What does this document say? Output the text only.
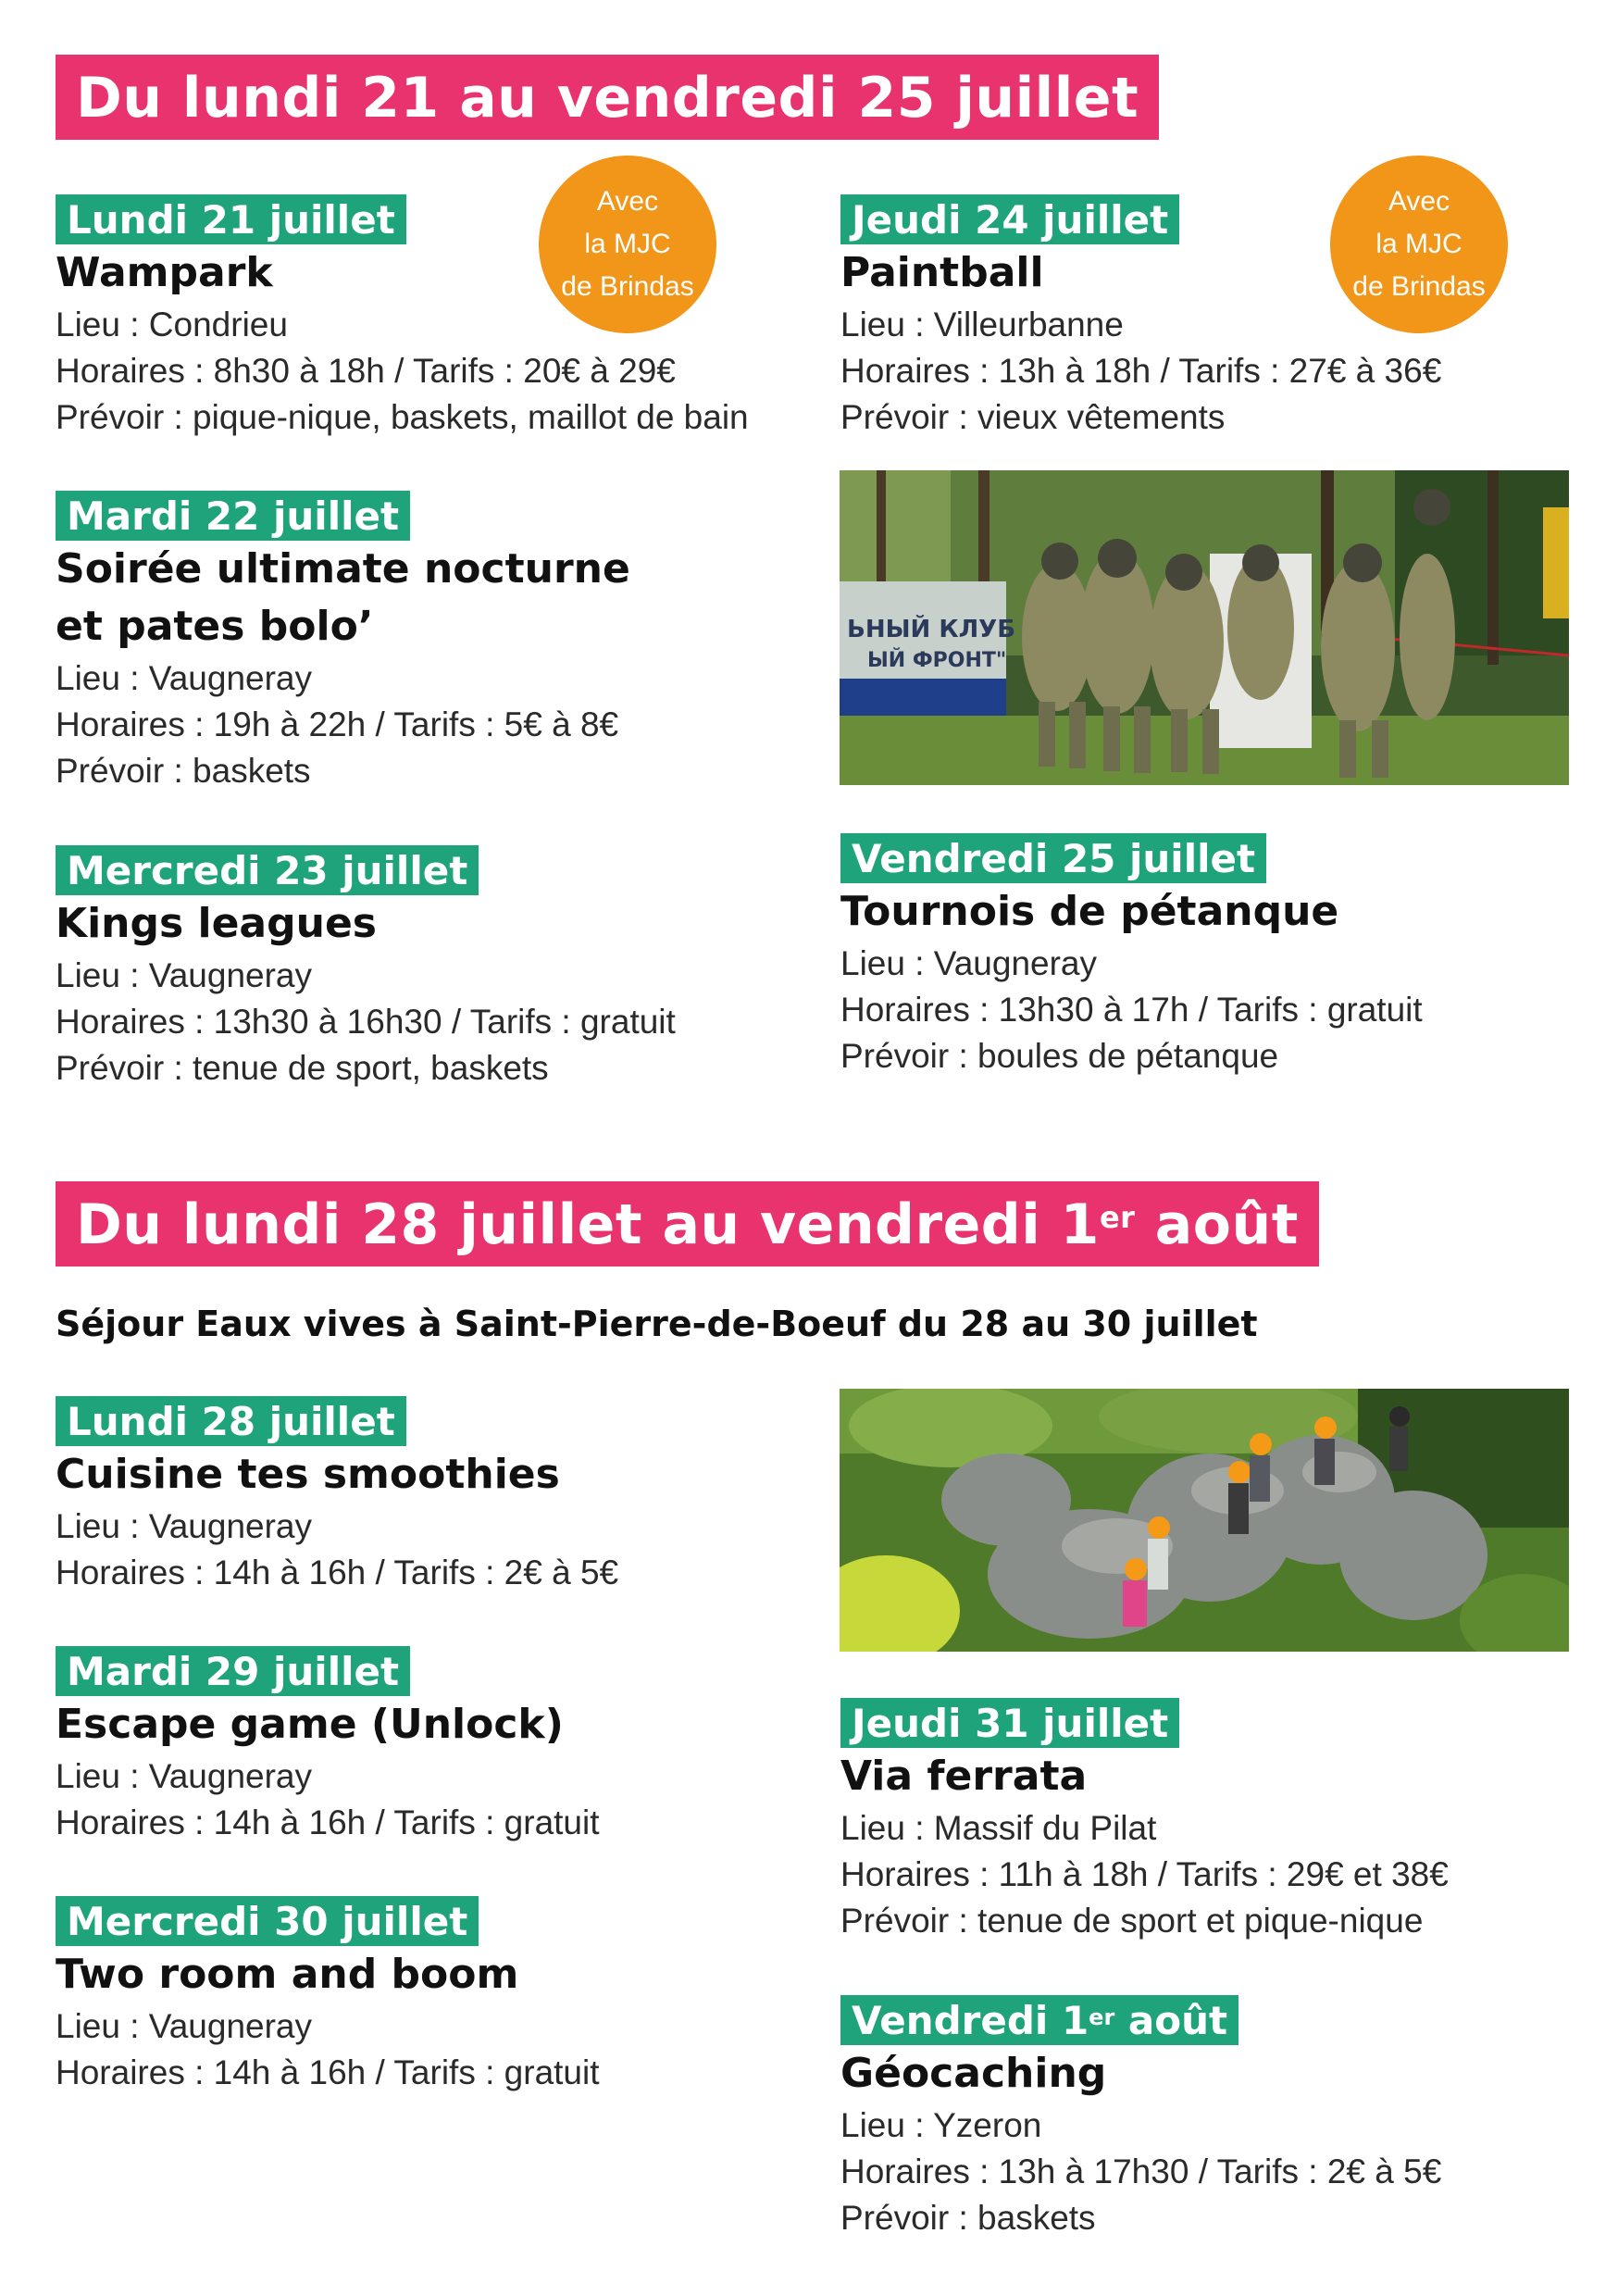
Du lundi 21 au vendredi 25 juillet
Lundi 21 juillet
Wampark
Lieu : Condrieu
Horaires : 8h30 à 18h / Tarifs : 20€ à 29€
Prévoir : pique-nique, baskets, maillot de bain
Avec
la MJC
de Brindas
Mardi 22 juillet
Soirée ultimate nocturne
et pates bolo’
Lieu : Vaugneray
Horaires : 19h à 22h / Tarifs : 5€ à 8€
Prévoir : baskets
Mercredi 23 juillet
Kings leagues
Lieu : Vaugneray
Horaires : 13h30 à 16h30 / Tarifs : gratuit
Prévoir : tenue de sport, baskets
Jeudi 24 juillet
Paintball
Lieu : Villeurbanne
Horaires : 13h à 18h / Tarifs : 27€ à 36€
Prévoir : vieux vêtements
Avec
la MJC
de Brindas
ЬНЫЙ КЛУБ
ЫЙ ФРОНТ"
Vendredi 25 juillet
Tournois de pétanque
Lieu : Vaugneray
Horaires : 13h30 à 17h / Tarifs : gratuit
Prévoir : boules de pétanque
Du lundi 28 juillet au vendredi 1er août
Séjour Eaux vives à Saint-Pierre-de-Boeuf du 28 au 30 juillet
Lundi 28 juillet
Cuisine tes smoothies
Lieu : Vaugneray
Horaires : 14h à 16h / Tarifs : 2€ à 5€
Mardi 29 juillet
Escape game (Unlock)
Lieu : Vaugneray
Horaires : 14h à 16h / Tarifs : gratuit
Mercredi 30 juillet
Two room and boom
Lieu : Vaugneray
Horaires : 14h à 16h / Tarifs : gratuit
Jeudi 31 juillet
Via ferrata
Lieu : Massif du Pilat
Horaires : 11h à 18h / Tarifs : 29€ et 38€
Prévoir : tenue de sport et pique-nique
Vendredi 1er août
Géocaching
Lieu : Yzeron
Horaires : 13h à 17h30 / Tarifs : 2€ à 5€
Prévoir : baskets
